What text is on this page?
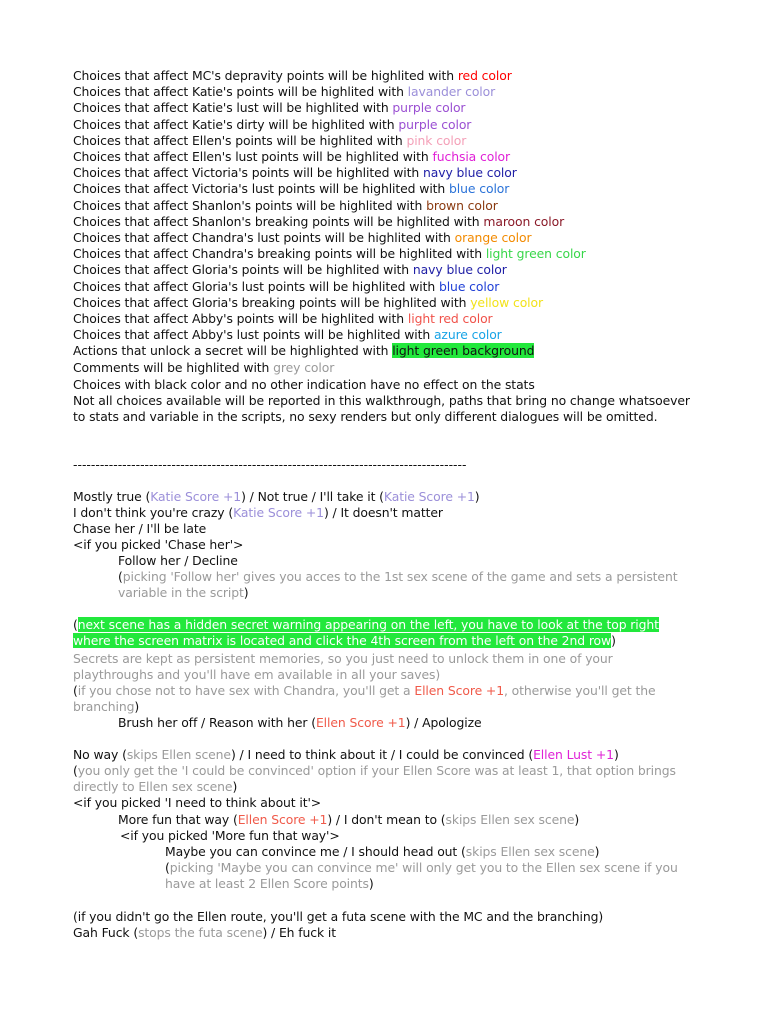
Choices that affect MC's depravity points will be highlited with red color
Choices that affect Katie's points will be highlited with lavander color
Choices that affect Katie's lust will be highlited with purple color
Choices that affect Katie's dirty will be highlited with purple color
Choices that affect Ellen's points will be highlited with pink color
Choices that affect Ellen's lust points will be highlited with fuchsia color
Choices that affect Victoria's points will be highlited with navy blue color
Choices that affect Victoria's lust points will be highlited with blue color
Choices that affect Shanlon's points will be highlited with brown color
Choices that affect Shanlon's breaking points will be highlited with maroon color
Choices that affect Chandra's lust points will be highlited with orange color
Choices that affect Chandra's breaking points will be highlited with light green color
Choices that affect Gloria's points will be highlited with navy blue color
Choices that affect Gloria's lust points will be highlited with blue color
Choices that affect Gloria's breaking points will be highlited with yellow color
Choices that affect Abby's points will be highlited with light red color
Choices that affect Abby's lust points will be highlited with azure color
Actions that unlock a secret will be highlighted with light green background
Comments will be highlited with grey color
Choices with black color and no other indication have no effect on the stats
Not all choices available will be reported in this walkthrough, paths that bring no change whatsoever to stats and variable in the scripts, no sexy renders but only different dialogues will be omitted.
----------------------------------------------------------------------------------------
Mostly true (Katie Score +1) / Not true / I'll take it (Katie Score +1)
I don't think you're crazy (Katie Score +1) / It doesn't matter
Chase her / I'll be late
<if you picked 'Chase her'>
Follow her / Decline
(picking 'Follow her' gives you acces to the 1st sex scene of the game and sets a persistent variable in the script)
(next scene has a hidden secret warning appearing on the left, you have to look at the top right where the screen matrix is located and click the 4th screen from the left on the 2nd row)
Secrets are kept as persistent memories, so you just need to unlock them in one of your playthroughs and you'll have em available in all your saves)
(if you chose not to have sex with Chandra, you'll get a Ellen Score +1, otherwise you'll get the branching)
Brush her off / Reason with her (Ellen Score +1) / Apologize
No way (skips Ellen scene) / I need to think about it / I could be convinced (Ellen Lust +1)
(you only get the 'I could be convinced' option if your Ellen Score was at least 1, that option brings directly to Ellen sex scene)
<if you picked 'I need to think about it'>
More fun that way (Ellen Score +1) / I don't mean to (skips Ellen sex scene)
<if you picked 'More fun that way'>
Maybe you can convince me / I should head out (skips Ellen sex scene)
(picking 'Maybe you can convince me' will only get you to the Ellen sex scene if you have at least 2 Ellen Score points)
(if you didn't go the Ellen route, you'll get a futa scene with the MC and the branching)
Gah Fuck (stops the futa scene) / Eh fuck it
